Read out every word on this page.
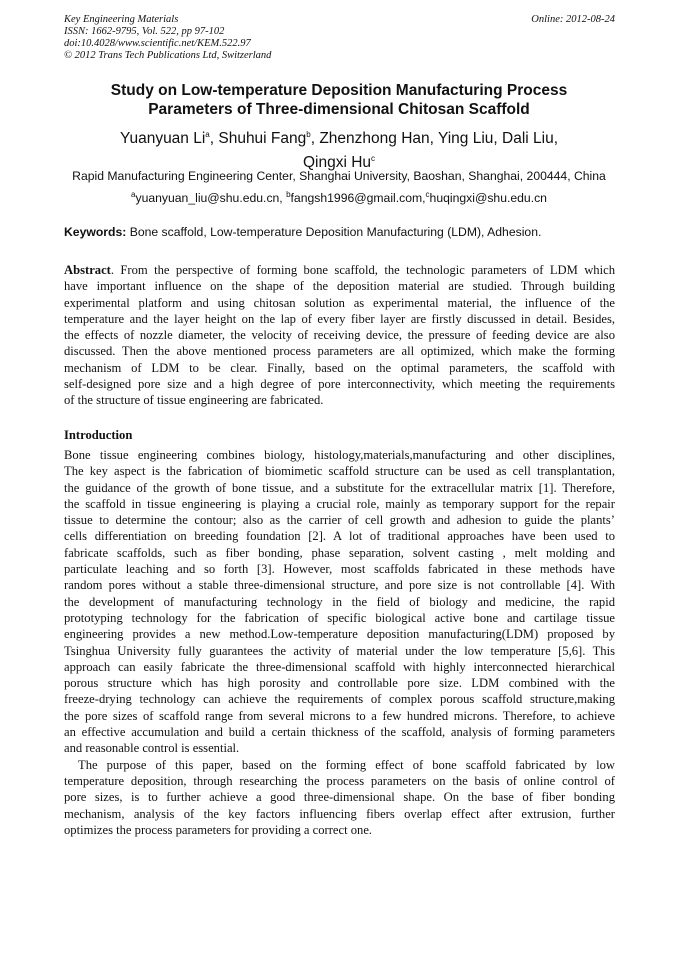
Key Engineering Materials
ISSN: 1662-9795, Vol. 522, pp 97-102
doi:10.4028/www.scientific.net/KEM.522.97
© 2012 Trans Tech Publications Ltd, Switzerland
Online: 2012-08-24
Study on Low-temperature Deposition Manufacturing Process
Parameters of Three-dimensional Chitosan Scaffold
Yuanyuan Li$^a$, Shuhui Fang$^b$, Zhenzhong Han, Ying Liu, Dali Liu,
Qingxi Hu$^c$
Rapid Manufacturing Engineering Center, Shanghai University, Baoshan, Shanghai, 200444, China
$^a$yuanyuan_liu@shu.edu.cn, $^b$fangsh1996@gmail.com,$^c$huqingxi@shu.edu.cn
Keywords: Bone scaffold, Low-temperature Deposition Manufacturing (LDM), Adhesion.
Abstract. From the perspective of forming bone scaffold, the technologic parameters of LDM which
have important influence on the shape of the deposition material are studied. Through building
experimental platform and using chitosan solution as experimental material, the influence of the
temperature and the layer height on the lap of every fiber layer are firstly discussed in detail. Besides,
the effects of nozzle diameter, the velocity of receiving device, the pressure of feeding device are also
discussed. Then the above mentioned process parameters are all optimized, which make the forming
mechanism of LDM to be clear. Finally, based on the optimal parameters, the scaffold with
self-designed pore size and a high degree of pore interconnectivity, which meeting the requirements
of the structure of tissue engineering are fabricated.
Introduction
Bone tissue engineering combines biology, histology,materials,manufacturing and other disciplines,
The key aspect is the fabrication of biomimetic scaffold structure can be used as cell transplantation,
the guidance of the growth of bone tissue, and a substitute for the extracellular matrix [1]. Therefore,
the scaffold in tissue engineering is playing a crucial role, mainly as temporary support for the repair
tissue to determine the contour; also as the carrier of cell growth and adhesion to guide the plants’
cells differentiation on breeding foundation [2]. A lot of traditional approaches have been used to
fabricate scaffolds, such as fiber bonding, phase separation, solvent casting , melt molding and
particulate leaching and so forth [3]. However, most scaffolds fabricated in these methods have
random pores without a stable three-dimensional structure, and pore size is not controllable [4]. With
the development of manufacturing technology in the field of biology and medicine, the rapid
prototyping technology for the fabrication of specific biological active bone and cartilage tissue
engineering provides a new method.Low-temperature deposition manufacturing(LDM) proposed by
Tsinghua University fully guarantees the activity of material under the low temperature [5,6]. This
approach can easily fabricate the three-dimensional scaffold with highly interconnected hierarchical
porous structure which has high porosity and controllable pore size. LDM combined with the
freeze-drying technology can achieve the requirements of complex porous scaffold structure,making
the pore sizes of scaffold range from several microns to a few hundred microns. Therefore, to achieve
an effective accumulation and build a certain thickness of the scaffold, analysis of forming parameters
and reasonable control is essential.
The purpose of this paper, based on the forming effect of bone scaffold fabricated by low
temperature deposition, through researching the process parameters on the basis of online control of
pore sizes, is to further achieve a good three-dimensional shape. On the base of fiber bonding
mechanism, analysis of the key factors influencing fibers overlap effect after extrusion, further
optimizes the process parameters for providing a correct one.
